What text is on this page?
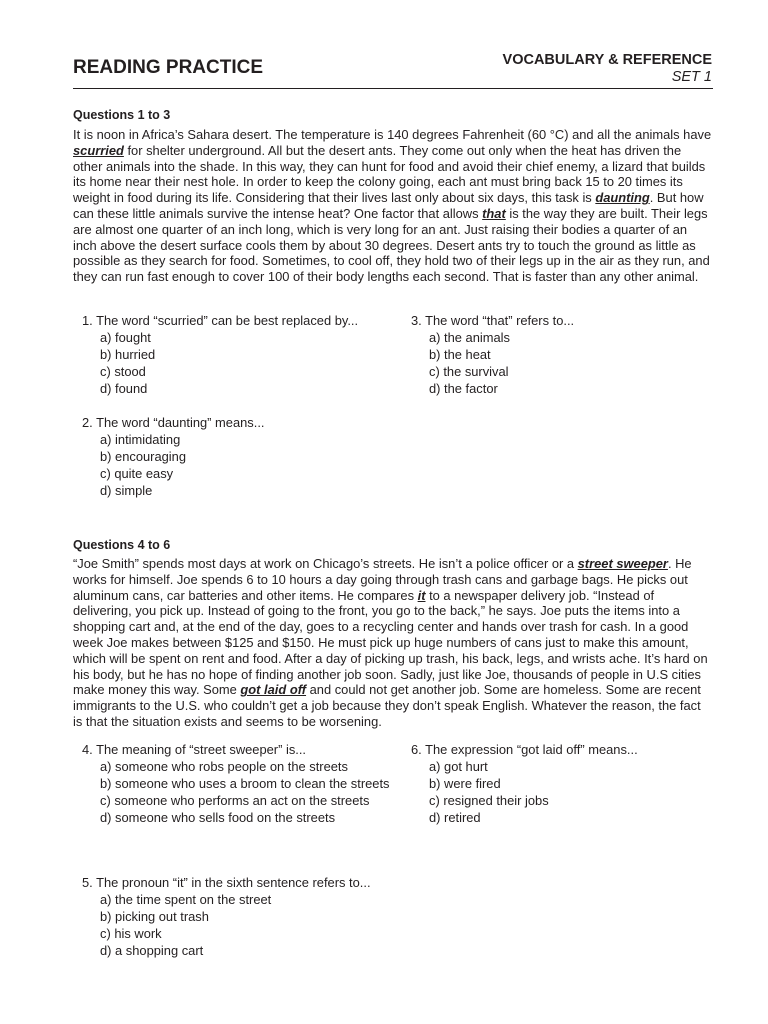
READING PRACTICE	VOCABULARY & REFERENCE
SET 1
Questions 1 to 3

It is noon in Africa’s Sahara desert. The temperature is 140 degrees Fahrenheit (60 °C) and all the animals have scurried for shelter underground. All but the desert ants. They come out only when the heat has driven the other animals into the shade. In this way, they can hunt for food and avoid their chief enemy, a lizard that builds its home near their nest hole. In order to keep the colony going, each ant must bring back 15 to 20 times its weight in food during its life. Considering that their lives last only about six days, this task is daunting. But how can these little animals survive the intense heat? One factor that allows that is the way they are built. Their legs are almost one quarter of an inch long, which is very long for an ant. Just raising their bodies a quarter of an inch above the desert surface cools them by about 30 degrees. Desert ants try to touch the ground as little as possible as they search for food. Sometimes, to cool off, they hold two of their legs up in the air as they run, and they can run fast enough to cover 100 of their body lengths each second. That is faster than any other animal.

1. The word “scurried” can be best replaced by...
a) fought
b) hurried
c) stood
d) found
2. The word “daunting” means...
a) intimidating
b) encouraging
c) quite easy
d) simple
3. The word “that” refers to...
a) the animals
b) the heat
c) the survival
d) the factor
Questions 4 to 6

“Joe Smith” spends most days at work on Chicago’s streets. He isn’t a police officer or a street sweeper. He works for himself. Joe spends 6 to 10 hours a day going through trash cans and garbage bags. He picks out aluminum cans, car batteries and other items. He compares it to a newspaper delivery job. “Instead of delivering, you pick up. Instead of going to the front, you go to the back,” he says. Joe puts the items into a shopping cart and, at the end of the day, goes to a recycling center and hands over trash for cash. In a good week Joe makes between $125 and $150. He must pick up huge numbers of cans just to make this amount, which will be spent on rent and food. After a day of picking up trash, his back, legs, and wrists ache. It’s hard on his body, but he has no hope of finding another job soon. Sadly, just like Joe, thousands of people in U.S cities make money this way. Some got laid off and could not get another job. Some are homeless. Some are recent immigrants to the U.S. who couldn’t get a job because they don’t speak English. Whatever the reason, the fact is that the situation exists and seems to be worsening.

4. The meaning of “street sweeper” is...
a) someone who robs people on the streets
b) someone who uses a broom to clean the streets
c) someone who performs an act on the streets
d) someone who sells food on the streets
5. The pronoun “it” in the sixth sentence refers to...
a) the time spent on the street
b) picking out trash
c) his work
d) a shopping cart
6. The expression “got laid off” means...
a) got hurt
b) were fired
c) resigned their jobs
d) retired
